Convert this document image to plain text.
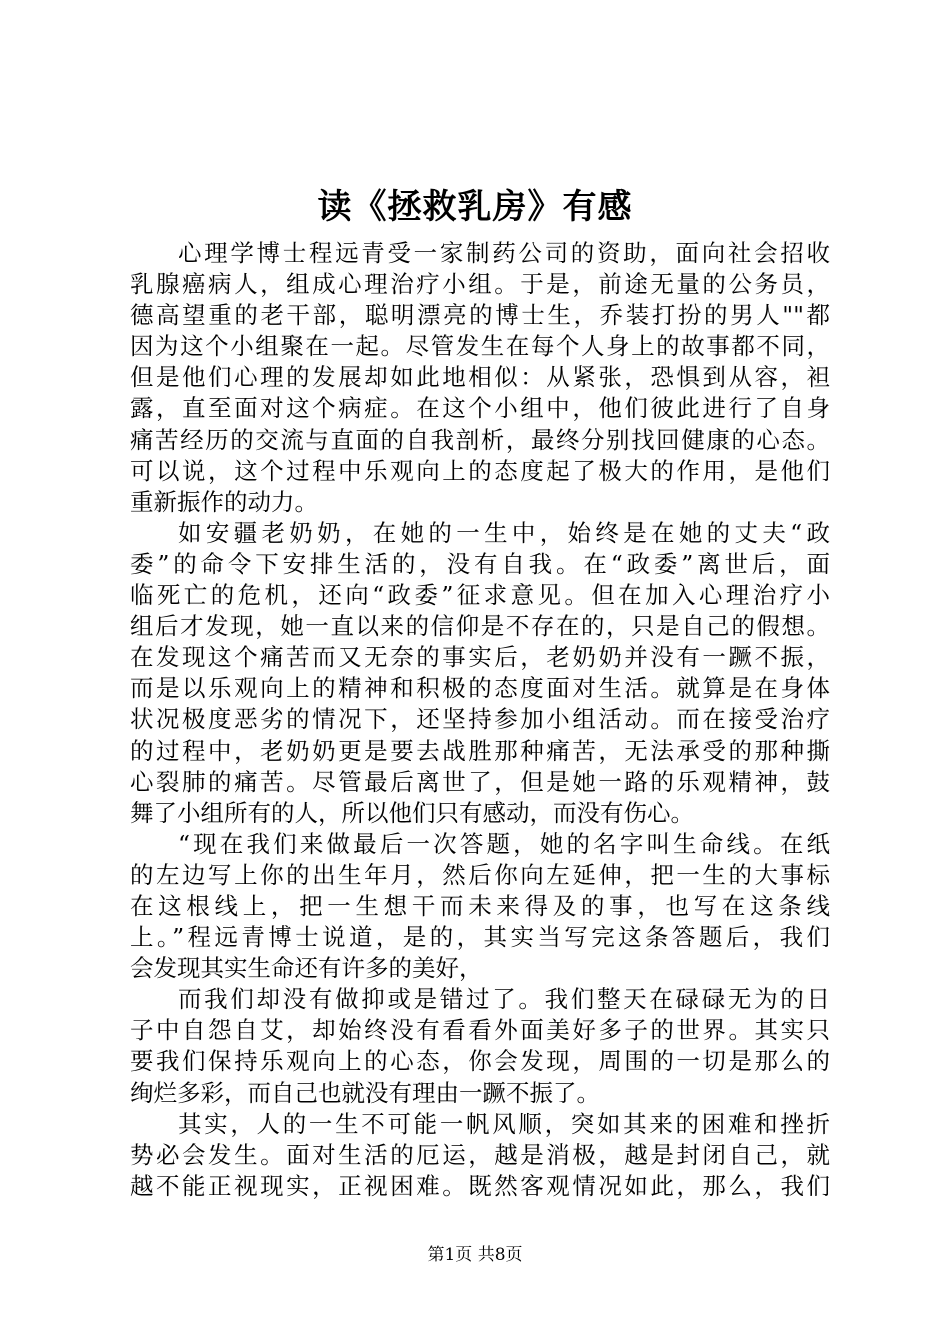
读《拯救乳房》有感
心理学博士程远青受一家制药公司的资助，面向社会招收
乳腺癌病人，组成心理治疗小组。于是，前途无量的公务员，
德高望重的老干部，聪明漂亮的博士生，乔装打扮的男人""都
因为这个小组聚在一起。尽管发生在每个人身上的故事都不同，
但是他们心理的发展却如此地相似：从紧张，恐惧到从容，袒
露，直至面对这个病症。在这个小组中，他们彼此进行了自身
痛苦经历的交流与直面的自我剖析，最终分别找回健康的心态。
可以说，这个过程中乐观向上的态度起了极大的作用，是他们
重新振作的动力。
如安疆老奶奶，在她的一生中，始终是在她的丈夫“政
委”的命令下安排生活的，没有自我。在“政委”离世后，面
临死亡的危机，还向“政委”征求意见。但在加入心理治疗小
组后才发现，她一直以来的信仰是不存在的，只是自己的假想。
在发现这个痛苦而又无奈的事实后，老奶奶并没有一蹶不振，
而是以乐观向上的精神和积极的态度面对生活。就算是在身体
状况极度恶劣的情况下，还坚持参加小组活动。而在接受治疗
的过程中，老奶奶更是要去战胜那种痛苦，无法承受的那种撕
心裂肺的痛苦。尽管最后离世了，但是她一路的乐观精神，鼓
舞了小组所有的人，所以他们只有感动，而没有伤心。
“现在我们来做最后一次答题，她的名字叫生命线。在纸
的左边写上你的出生年月，然后你向左延伸，把一生的大事标
在这根线上，把一生想干而未来得及的事，也写在这条线
上。”程远青博士说道，是的，其实当写完这条答题后，我们
会发现其实生命还有许多的美好，
而我们却没有做抑或是错过了。我们整天在碌碌无为的日
子中自怨自艾，却始终没有看看外面美好多子的世界。其实只
要我们保持乐观向上的心态，你会发现，周围的一切是那么的
绚烂多彩，而自己也就没有理由一蹶不振了。
其实，人的一生不可能一帆风顺，突如其来的困难和挫折
势必会发生。面对生活的厄运，越是消极，越是封闭自己，就
越不能正视现实，正视困难。既然客观情况如此，那么，我们
第1页 共8页
